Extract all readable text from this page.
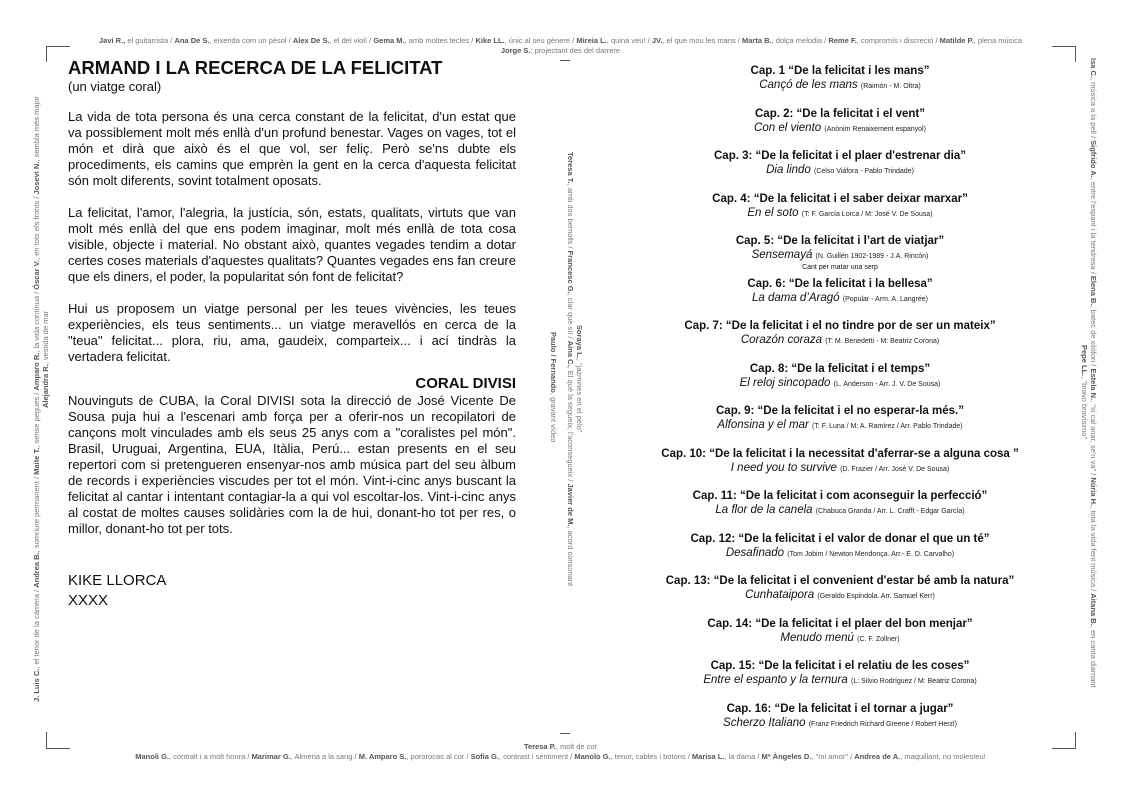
Javi R., el guitarrista / Ana De S., eixerida com un pèsol / Alex De S., el del violí / Gema M., amb moltes tecles / Kike LL., únic al seu gènere / Mireia L., quina veu! / JV., el que mou les mans / Marta B., dolça melodia / Reme F., compromís i discreció / Matilde P., plena música
Jorge S.; projectant des del darrere
Teresa P., molt de cor
Manoli G., contralt i a molt honra / Marimar G., Almeria a la sang / M. Amparo S., pororocas al cor / Sofia G., contrast i sentiment / Manolo G., tenor, cables i botons / Marisa L., la dama / Mª Àngeles D., "mi amor" / Andrea de A., maquillant, no molesteu!
J. Luis C., el tenor de la càmera / Andrea B., somriure permanent / Maite T., sense pegues / Amparo R., la vida contínua / Óscar V., en tots els fronts / Josevi N., sembla més major
Alejandra R., vestida de mar
Isa C., música a la pell / Sigfrido A., entre l'espant i la tendresa / Elena B., batec de xilòfon / Estela N., "si cal anar, se'n va" / Núria H., tota la vida fent música / Aitana B., en canta diamant
Pepe LL., "bravo bravísimo"
Teresa T., amb dos bemolls / Francesc G., clar què sí! / Aina C., El què la segueix, l'aconsegueix / Javier de M., acord consonant
Soraya L., "jazmines en el pelo"
Paulo / Fernando, gravant vídeo
ARMAND I LA RECERCA DE LA FELICITAT
(un viatge coral)

La vida de tota persona és una cerca constant de la felicitat, d'un estat que va possiblement molt més enllà d'un profund benestar. Vages on vages, tot el món et dirà que això és el que vol, ser feliç. Però se'ns dubte els procediments, els camins que emprèn la gent en la cerca d'aquesta felicitat són molt diferents, sovint totalment oposats.

La felicitat, l'amor, l'alegria, la justícia, són, estats, qualitats, virtuts que van molt més enllà del que ens podem imaginar, molt més enllà de tota cosa visible, objecte i material. No obstant això, quantes vegades tendim a dotar certes coses materials d'aquestes qualitats? Quantes vegades ens fan creure que els diners, el poder, la popularitat són font de felicitat?

Hui us proposem un viatge personal per les teues vivències, les teues experiències, els teus sentiments... un viatge meravellós en cerca de la "teua" felicitat... plora, riu, ama, gaudeix, comparteix... i ací tindràs la vertadera felicitat.

CORAL DIVISI

Nouvinguts de CUBA, la Coral DIVISI sota la direcció de José Vicente De Sousa puja hui a l'escenari amb força per a oferir-nos un recopilatori de cançons molt vinculades amb els seus 25 anys com a "coralistes pel món". Brasil, Uruguai, Argentina, EUA, Itàlia, Perú... estan presents en el seu repertori com si pretengueren ensenyar-nos amb música part del seu àlbum de records i experiències viscudes per tot el món. Vint-i-cinc anys buscant la felicitat al cantar i intentant contagiar-la a qui vol escoltar-los. Vint-i-cinc anys al costat de moltes causes solidàries com la de hui, donant-ho tot per res, o millor, donant-ho tot per tots.

KIKE LLORCA
XXXX
Cap. 1 “De la felicitat i les mans”
Cançó de les mans (Raimón - M. Oltra)
Cap. 2: “De la felicitat i el vent”
Con el viento (Anònim Renaixement espanyol)
Cap. 3: “De la felicitat i el plaer d'estrenar dia”
Dia lindo (Celso Viáfora - Pablo Trindade)
Cap. 4: “De la felicitat i el saber deixar marxar”
En el soto (T: F. García Lorca / M: José V. De Sousa)
Cap. 5: “De la felicitat i l’art de viatjar”
Sensemayá (N. Guillén 1902-1989 - J.A. Rincón)
Cant per matar una serp
Cap. 6: “De la felicitat i la bellesa”
La dama d’Aragó (Popular - Arm. A. Langrée)
Cap. 7: “De la felicitat i el no tindre por de ser un mateix”
Corazón coraza (T: M. Benedetti - M: Beatriz Corona)
Cap. 8: “De la felicitat i el temps”
El reloj sincopado (L. Anderson - Arr. J. V. De Sousa)
Cap. 9: “De la felicitat i el no esperar-la més.”
Alfonsina y el mar (T: F. Luna / M: A. Ramírez / Arr. Pablo Trindade)
Cap. 10: “De la felicitat i la necessitat d'aferrar-se a alguna cosa ”
I need you to survive (D. Frazier / Arr. José V. De Sousa)
Cap. 11: “De la felicitat i com aconseguir la perfecció”
La flor de la canela (Chabuca Granda / Arr. L. Crafft - Edgar García)
Cap. 12: “De la felicitat i el valor de donar el que un té”
Desafinado (Tom Jobim / Newton Mendonça. Arr.- E. D. Carvalho)
Cap. 13: “De la felicitat i el convenient d'estar bé amb la natura”
Cunhataiporа (Geraldo Espindola. Arr. Samuel Kerr)
Cap. 14: “De la felicitat i el plaer del bon menjar”
Menudo menú (C. F. Zollner)
Cap. 15: “De la felicitat i el relatiu de les coses”
Entre el espanto y la ternura (L: Silvio Rodríguez / M: Beatriz Corona)
Cap. 16: “De la felicitat i el tornar a jugar”
Scherzo Italiano (Franz Friedrich Richard Greene / Robert Herzl)
